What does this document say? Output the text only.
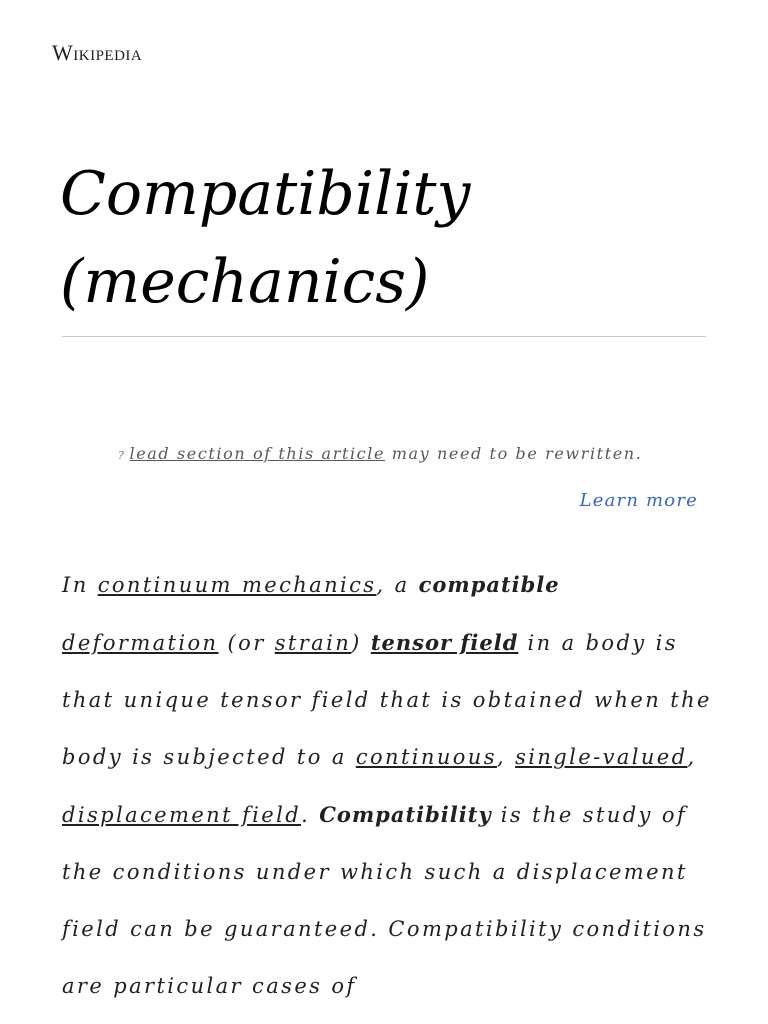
Wikipedia
Compatibility (mechanics)
? lead section of this article may need to be rewritten.
Learn more

In continuum mechanics, a compatible deformation (or strain) tensor field in a body is that unique tensor field that is obtained when the body is subjected to a continuous, single-valued, displacement field. Compatibility is the study of the conditions under which such a displacement field can be guaranteed. Compatibility conditions are particular cases of
